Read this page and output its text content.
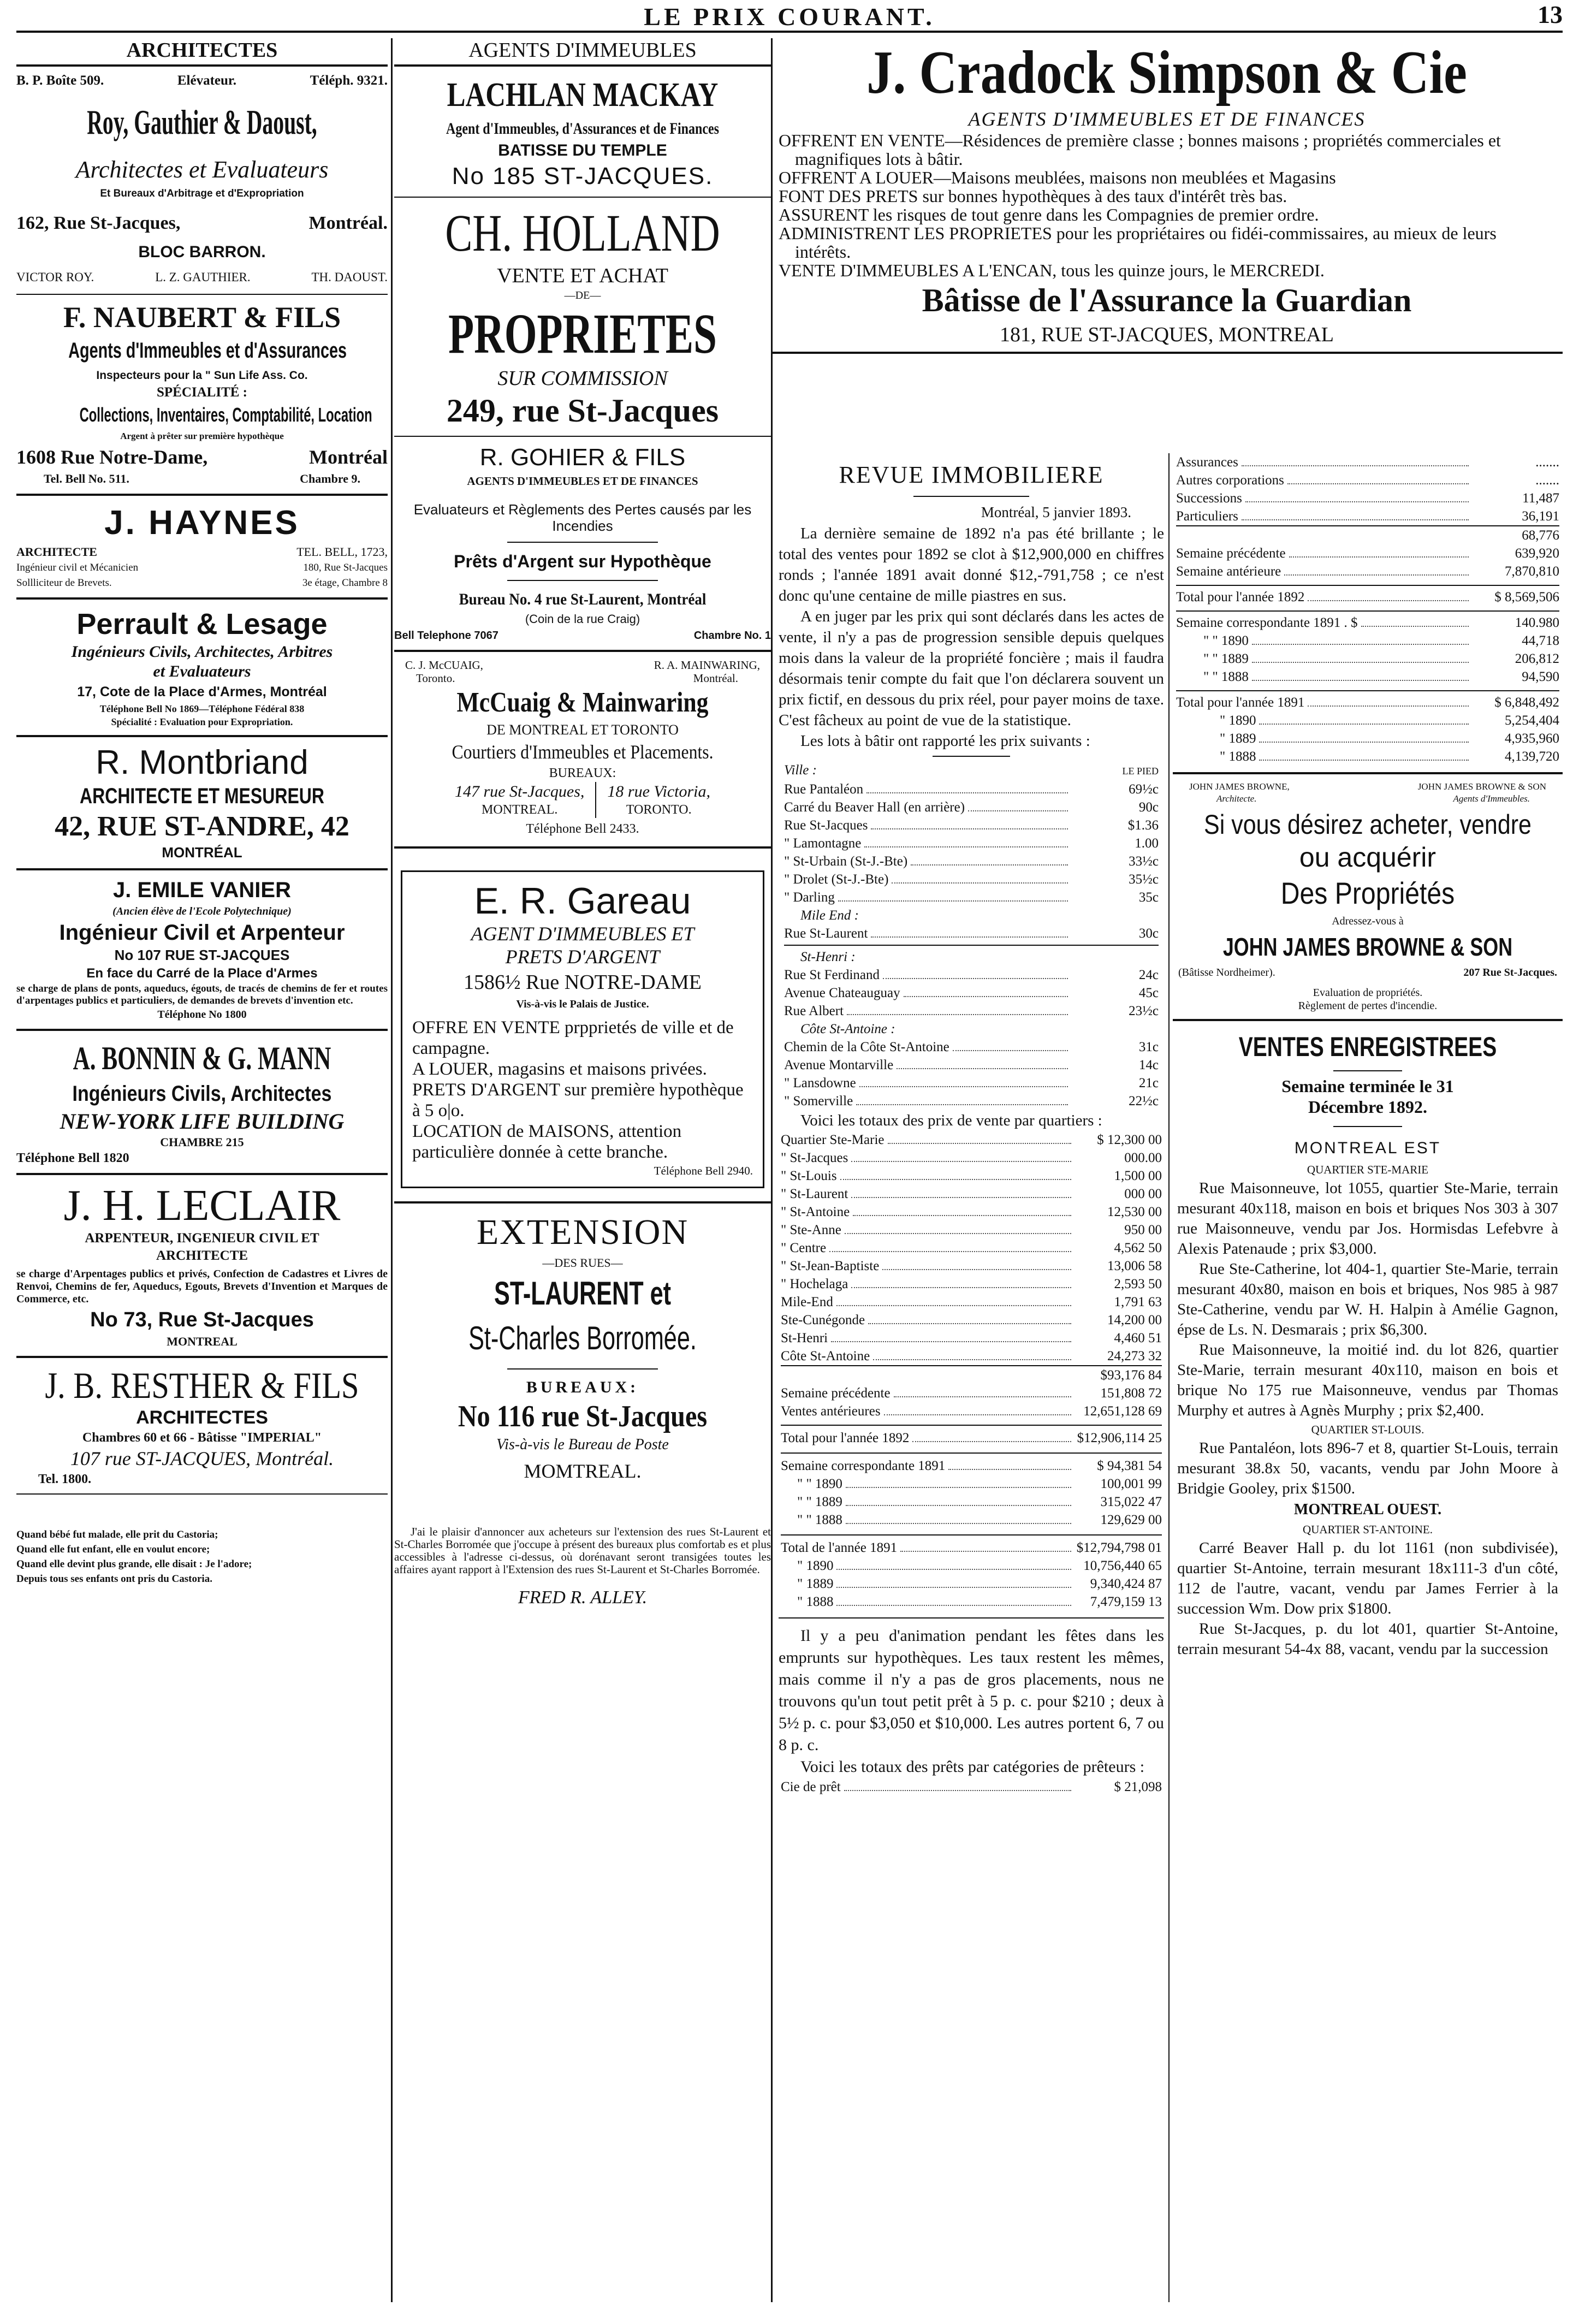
LE PRIX COURANT.	13
ARCHITECTES
B. P. Boîte 509.	Elévateur.	Téléph. 9321.
Roy, Gauthier & Daoust,
Architectes et Evaluateurs
Et Bureaux d'Arbitrage et d'Expropriation
162, Rue St-Jacques,	Montréal.
BLOC BARRON.
VICTOR ROY.	L. Z. GAUTHIER.	TH. DAOUST.
F. NAUBERT & FILS
Agents d'Immeubles et d'Assurances
Inspecteurs pour la " Sun Life Ass. Co.
SPÉCIALITÉ :
Collections, Inventaires, Comptabilité, Location
Argent à prêter sur première hypothèque
1608 Rue Notre-Dame,	Montréal
Tel. Bell No. 511.	Chambre 9.
J. HAYNES
ARCHITECTE	TEL. BELL, 1723,
Ingénieur civil et Mécanicien	180, Rue St-Jacques
Sollliciteur de Brevets.	3e étage, Chambre 8
Perrault & Lesage
Ingénieurs Civils, Architectes, Arbitres
et Evaluateurs
17, Cote de la Place d'Armes, Montréal
Téléphone Bell No 1869—Téléphone Fédéral 838
Spécialité : Evaluation pour Expropriation.
R. Montbriand
ARCHITECTE ET MESUREUR
42, RUE ST-ANDRE, 42
MONTRÉAL
J. EMILE VANIER
(Ancien élève de l'Ecole Polytechnique)
Ingénieur Civil et Arpenteur
No 107 RUE ST-JACQUES
En face du Carré de la Place d'Armes
se charge de plans de ponts, aqueducs, égouts, de tracés de chemins de fer et routes d'arpentages publics et particuliers, de demandes de brevets d'invention etc.
Téléphone No 1800
A. BONNIN & G. MANN
Ingénieurs Civils, Architectes
NEW-YORK LIFE BUILDING
CHAMBRE 215
Téléphone Bell 1820
J. H. LECLAIR
ARPENTEUR, INGENIEUR CIVIL ET
ARCHITECTE
se charge d'Arpentages publics et privés, Confection de Cadastres et Livres de Renvoi, Chemins de fer, Aqueducs, Egouts, Brevets d'Invention et Marques de Commerce, etc.
No 73, Rue St-Jacques
MONTREAL
J. B. RESTHER & FILS
ARCHITECTES
Chambres 60 et 66 - Bâtisse "IMPERIAL"
107 rue ST-JACQUES, Montréal.
Tel. 1800.
Quand bébé fut malade, elle prit du Castoria;
Quand elle fut enfant, elle en voulut encore;
Quand elle devint plus grande, elle disait : Je l'adore;
Depuis tous ses enfants ont pris du Castoria.
AGENTS D'IMMEUBLES
LACHLAN MACKAY
Agent d'Immeubles, d'Assurances et de Finances
BATISSE DU TEMPLE
No 185 ST-JACQUES.
CH. HOLLAND
VENTE ET ACHAT
—DE—
PROPRIETES
SUR COMMISSION
249, rue St-Jacques
R. GOHIER & FILS
AGENTS D'IMMEUBLES ET DE FINANCES
Evaluateurs et Règlements des Pertes causés par les Incendies
Prêts d'Argent sur Hypothèque
Bureau No. 4 rue St-Laurent, Montréal
(Coin de la rue Craig)
Bell Telephone 7067	Chambre No. 1
C. J. McCUAIG,	R. A. MAINWARING,
Toronto.	Montréal.
McCuaig & Mainwaring
DE MONTREAL ET TORONTO
Courtiers d'Immeubles et Placements.
BUREAUX:
147 rue St-Jacques,
MONTREAL.
18 rue Victoria,
TORONTO.
Téléphone Bell 2433.
E. R. Gareau
AGENT D'IMMEUBLES ET
PRETS D'ARGENT
1586½ Rue NOTRE-DAME
Vis-à-vis le Palais de Justice.
OFFRE EN VENTE prpprietés de ville et de campagne.
A LOUER, magasins et maisons privées.
PRETS D'ARGENT sur première hypothèque à 5 o|o.
LOCATION de MAISONS, attention particulière donnée à cette branche.
Téléphone Bell 2940.
EXTENSION
—DES RUES—
ST-LAURENT et
St-Charles Borromée.
BUREAUX:
No 116 rue St-Jacques
Vis-à-vis le Bureau de Poste
MOMTREAL.
J'ai le plaisir d'annoncer aux acheteurs sur l'extension des rues St-Laurent et St-Charles Borromée que j'occupe à présent des bureaux plus comfortab es et plus accessibles à l'adresse ci-dessus, où dorénavant seront transigées toutes les affaires ayant rapport à l'Extension des rues St-Laurent et St-Charles Borromée.
FRED R. ALLEY.
J. Cradock Simpson & Cie
AGENTS D'IMMEUBLES ET DE FINANCES
OFFRENT EN VENTE—Résidences de première classe ; bonnes maisons ; propriétés commerciales et magnifiques lots à bâtir.
OFFRENT A LOUER—Maisons meublées, maisons non meublées et Magasins
FONT DES PRETS sur bonnes hypothèques à des taux d'intérêt très bas.
ASSURENT les risques de tout genre dans les Compagnies de premier ordre.
ADMINISTRENT LES PROPRIETES pour les propriétaires ou fidéi-commissaires, au mieux de leurs intérêts.
VENTE D'IMMEUBLES A L'ENCAN, tous les quinze jours, le MERCREDI.
Bâtisse de l'Assurance la Guardian
181, RUE ST-JACQUES, MONTREAL
REVUE IMMOBILIERE
Montréal, 5 janvier 1893.

La dernière semaine de 1892 n'a pas été brillante ; le total des ventes pour 1892 se clot à $12,900,000 en chiffres ronds ; l'année 1891 avait donné $12,-791,758 ; ce n'est donc qu'une centaine de mille piastres en sus.

A en juger par les prix qui sont déclarés dans les actes de vente, il n'y a pas de progression sensible depuis quelques mois dans la valeur de la propriété foncière ; mais il faudra désormais tenir compte du fait que l'on déclarera souvent un prix fictif, en dessous du prix réel, pour payer moins de taxe. C'est fâcheux au point de vue de la statistique.

Les lots à bâtir ont rapporté les prix suivants :

Ville :	LE PIED
Rue Pantaléon	69½c
Carré du Beaver Hall (en arrière)	90c
Rue St-Jacques	$1.36
" Lamontagne	1.00
" St-Urbain (St-J.-Bte)	33½c
" Drolet (St-J.-Bte)	35½c
" Darling	35c
Mile End :
Rue St-Laurent	30c
St-Henri :
Rue St Ferdinand	24c
Avenue Chateauguay	45c
Rue Albert	23½c
Côte St-Antoine :
Chemin de la Côte St-Antoine	31c
Avenue Montarville	14c
" Lansdowne	21c
" Somerville	22½c

Voici les totaux des prix de vente par quartiers :

Quartier Ste-Marie	$ 12,300 00
" St-Jacques	000.00
" St-Louis	1,500 00
" St-Laurent	000 00
" St-Antoine	12,530 00
" Ste-Anne	950 00
" Centre	4,562 50
" St-Jean-Baptiste	13,006 58
" Hochelaga	2,593 50
Mile-End	1,791 63
Ste-Cunégonde	14,200 00
St-Henri	4,460 51
Côte St-Antoine	24,273 32
$93,176 84
Semaine précédente	151,808 72
Ventes antérieures	12,651,128 69
Total pour l'année 1892	$12,906,114 25
Semaine correspondante 1891	$ 94,381 54
" " 1890	100,001 99
" " 1889	315,022 47
" " 1888	129,629 00
Total de l'année 1891	$12,794,798 01
" 1890	10,756,440 65
" 1889	9,340,424 87
" 1888	7,479,159 13

Il y a peu d'animation pendant les fêtes dans les emprunts sur hypothèques. Les taux restent les mêmes, mais comme il n'y a pas de gros placements, nous ne trouvons qu'un tout petit prêt à 5 p. c. pour $210 ; deux à 5½ p. c. pour $3,050 et $10,000. Les autres portent 6, 7 ou 8 p. c.

Voici les totaux des prêts par catégories de prêteurs :

Cie de prêt	$ 21,098
Assurances	.......
Autres corporations	.......
Successions	11,487
Particuliers	36,191
68,776
Semaine précédente	639,920
Semaine antérieure	7,870,810
Total pour l'année 1892	$ 8,569,506
Semaine correspondante 1891 . $	140.980
" " 1890	44,718
" " 1889	206,812
" " 1888	94,590
Total pour l'année 1891	$ 6,848,492
" 1890	5,254,404
" 1889	4,935,960
" 1888	4,139,720
JOHN JAMES BROWNE,	JOHN JAMES BROWNE & SON
Architecte.	Agents d'Immeubles.
Si vous désirez acheter, vendre
ou acquérir
Des Propriétés
Adressez-vous à
JOHN JAMES BROWNE & SON
(Bâtisse Nordheimer).	207 Rue St-Jacques.
Evaluation de propriétés.
Règlement de pertes d'incendie.
VENTES ENREGISTREES
Semaine terminée le 31
Décembre 1892.
MONTREAL EST
QUARTIER STE-MARIE

Rue Maisonneuve, lot 1055, quartier Ste-Marie, terrain mesurant 40x118, maison en bois et briques Nos 303 à 307 rue Maisonneuve, vendu par Jos. Hormisdas Lefebvre à Alexis Patenaude ; prix $3,000.

Rue Ste-Catherine, lot 404-1, quartier Ste-Marie, terrain mesurant 40x80, maison en bois et briques, Nos 985 à 987 Ste-Catherine, vendu par W. H. Halpin à Amélie Gagnon, épse de Ls. N. Desmarais ; prix $6,300.

Rue Maisonneuve, la moitié ind. du lot 826, quartier Ste-Marie, terrain mesurant 40x110, maison en bois et brique No 175 rue Maisonneuve, vendus par Thomas Murphy et autres à Agnès Murphy ; prix $2,400.

QUARTIER ST-LOUIS.

Rue Pantaléon, lots 896-7 et 8, quartier St-Louis, terrain mesurant 38.8x 50, vacants, vendu par John Moore à Bridgie Gooley, prix $1500.

MONTREAL OUEST.
QUARTIER ST-ANTOINE.

Carré Beaver Hall p. du lot 1161 (non subdivisée), quartier St-Antoine, terrain mesurant 18x111-3 d'un côté, 112 de l'autre, vacant, vendu par James Ferrier à la succession Wm. Dow prix $1800.

Rue St-Jacques, p. du lot 401, quartier St-Antoine, terrain mesurant 54-4x 88, vacant, vendu par la succession
